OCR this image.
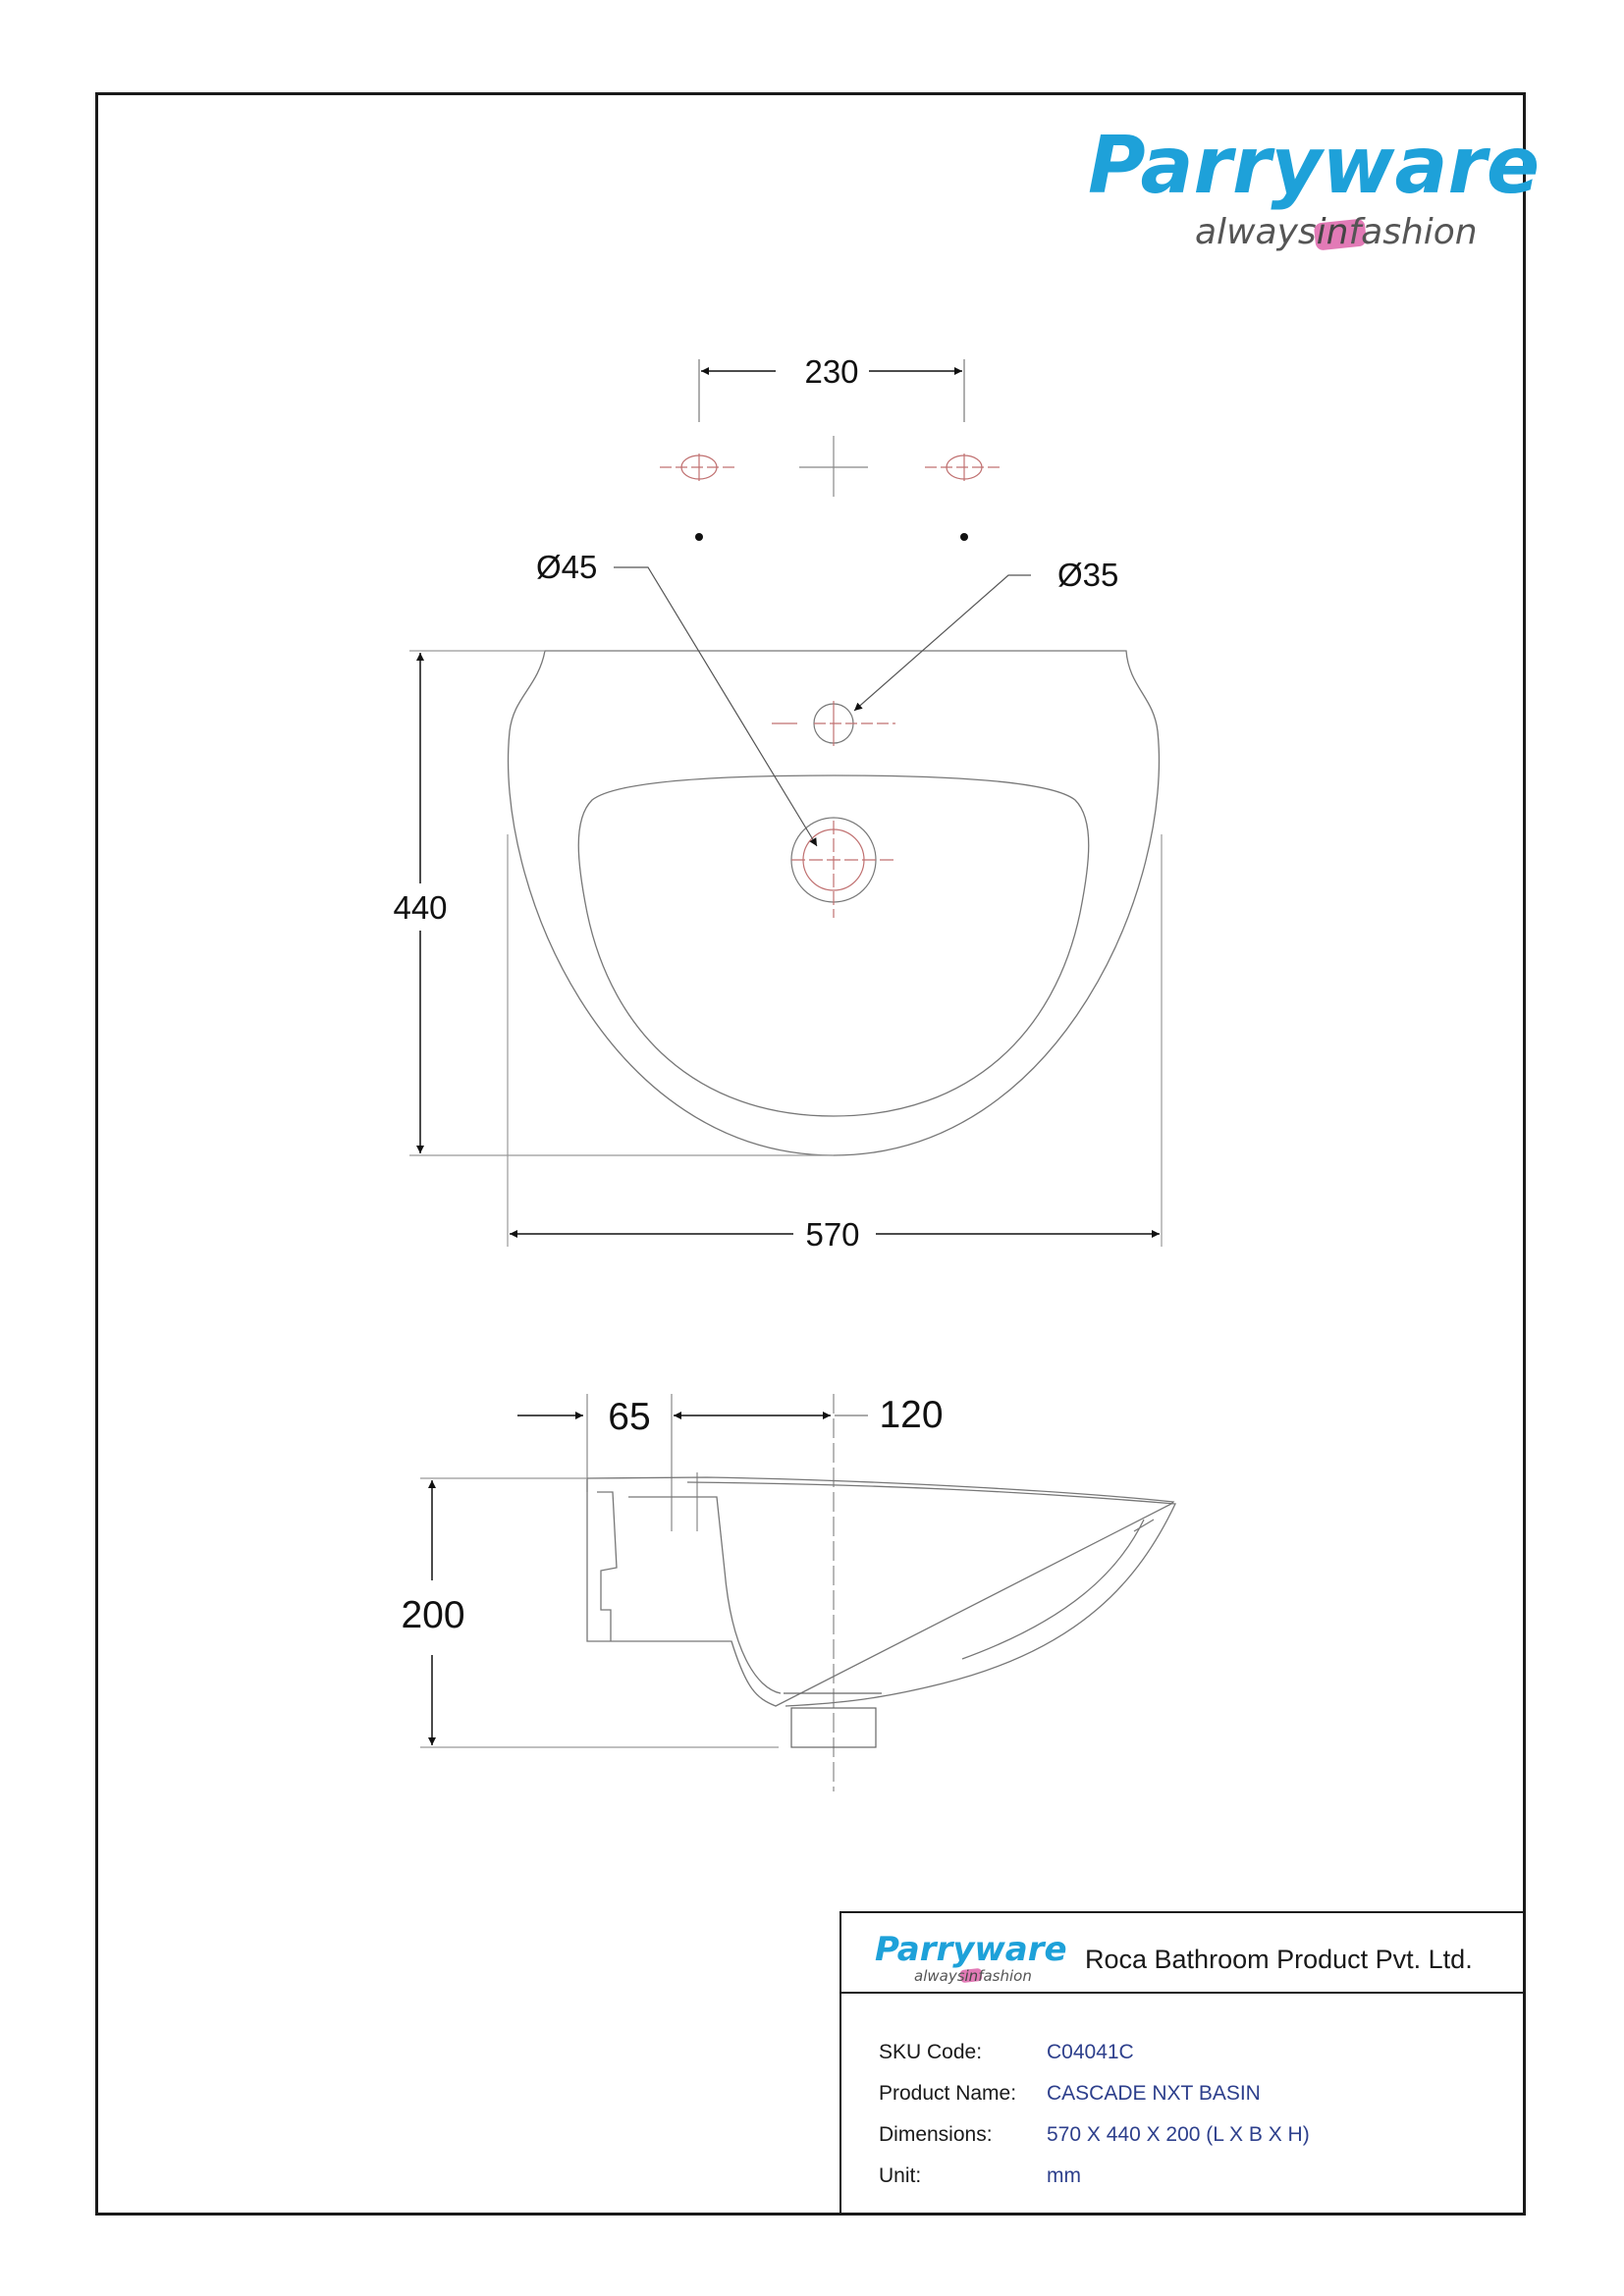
Parryware
alwaysinfashion
230
Ø45	Ø35
440
570
65	120
200
Parryware
alwaysinfashion
Roca Bathroom Product Pvt. Ltd.
SKU Code:	C04041C
Product Name: CASCADE NXT BASIN
Dimensions:	570 X 440 X 200 (L X B X H)
Unit:	mm
